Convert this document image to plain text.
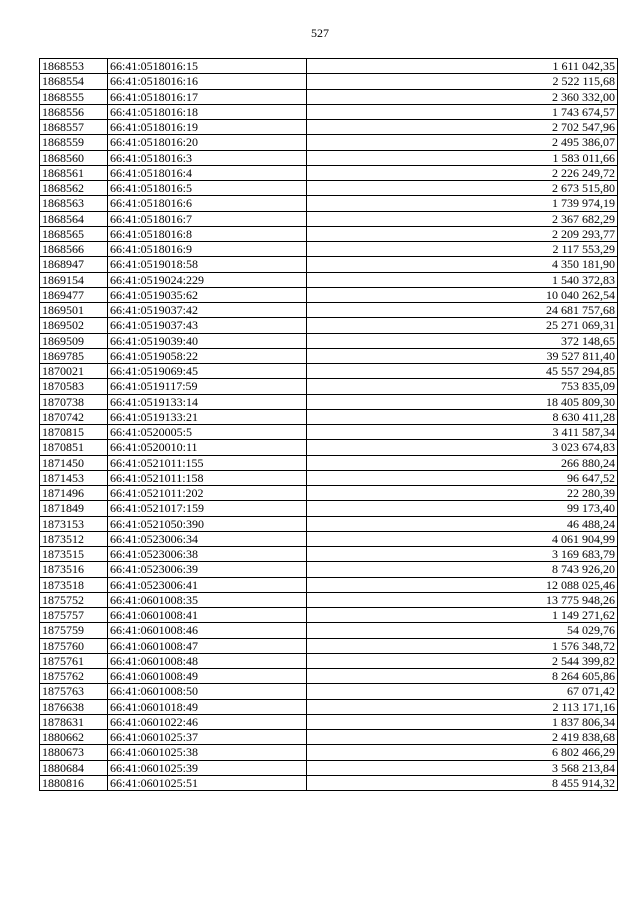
527
1868553	66:41:0518016:15	1 611 042,35
1868554	66:41:0518016:16	2 522 115,68
1868555	66:41:0518016:17	2 360 332,00
1868556	66:41:0518016:18	1 743 674,57
1868557	66:41:0518016:19	2 702 547,96
1868559	66:41:0518016:20	2 495 386,07
1868560	66:41:0518016:3	1 583 011,66
1868561	66:41:0518016:4	2 226 249,72
1868562	66:41:0518016:5	2 673 515,80
1868563	66:41:0518016:6	1 739 974,19
1868564	66:41:0518016:7	2 367 682,29
1868565	66:41:0518016:8	2 209 293,77
1868566	66:41:0518016:9	2 117 553,29
1868947	66:41:0519018:58	4 350 181,90
1869154	66:41:0519024:229	1 540 372,83
1869477	66:41:0519035:62	10 040 262,54
1869501	66:41:0519037:42	24 681 757,68
1869502	66:41:0519037:43	25 271 069,31
1869509	66:41:0519039:40	372 148,65
1869785	66:41:0519058:22	39 527 811,40
1870021	66:41:0519069:45	45 557 294,85
1870583	66:41:0519117:59	753 835,09
1870738	66:41:0519133:14	18 405 809,30
1870742	66:41:0519133:21	8 630 411,28
1870815	66:41:0520005:5	3 411 587,34
1870851	66:41:0520010:11	3 023 674,83
1871450	66:41:0521011:155	266 880,24
1871453	66:41:0521011:158	96 647,52
1871496	66:41:0521011:202	22 280,39
1871849	66:41:0521017:159	99 173,40
1873153	66:41:0521050:390	46 488,24
1873512	66:41:0523006:34	4 061 904,99
1873515	66:41:0523006:38	3 169 683,79
1873516	66:41:0523006:39	8 743 926,20
1873518	66:41:0523006:41	12 088 025,46
1875752	66:41:0601008:35	13 775 948,26
1875757	66:41:0601008:41	1 149 271,62
1875759	66:41:0601008:46	54 029,76
1875760	66:41:0601008:47	1 576 348,72
1875761	66:41:0601008:48	2 544 399,82
1875762	66:41:0601008:49	8 264 605,86
1875763	66:41:0601008:50	67 071,42
1876638	66:41:0601018:49	2 113 171,16
1878631	66:41:0601022:46	1 837 806,34
1880662	66:41:0601025:37	2 419 838,68
1880673	66:41:0601025:38	6 802 466,29
1880684	66:41:0601025:39	3 568 213,84
1880816	66:41:0601025:51	8 455 914,32
